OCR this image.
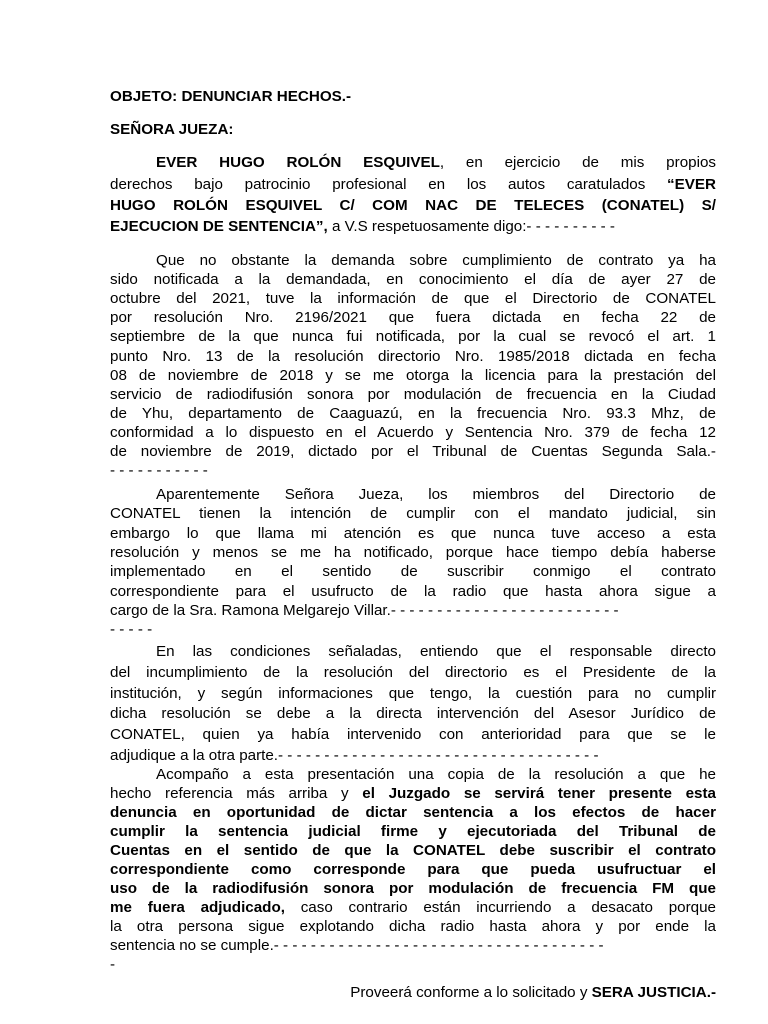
OBJETO: DENUNCIAR HECHOS.-
SEÑORA JUEZA:
EVER HUGO ROLÓN ESQUIVEL, en ejercicio de mis propios
derechos bajo patrocinio profesional en los autos caratulados “EVER
HUGO ROLÓN ESQUIVEL C/ COM NAC DE TELECES (CONATEL) S/
EJECUCION DE SENTENCIA”, a V.S respetuosamente digo:- - - - - - - - - -
Que no obstante la demanda sobre cumplimiento de contrato ya ha
sido notificada a la demandada, en conocimiento el día de ayer 27 de
octubre del 2021, tuve la información de que el Directorio de CONATEL
por resolución Nro. 2196/2021 que fuera dictada en fecha 22 de
septiembre de la que nunca fui notificada, por la cual se revocó el art. 1
punto Nro. 13 de la resolución directorio Nro. 1985/2018 dictada en fecha
08 de noviembre de 2018 y se me otorga la licencia para la prestación del
servicio de radiodifusión sonora por modulación de frecuencia en la Ciudad
de Yhu, departamento de Caaguazú, en la frecuencia Nro. 93.3 Mhz, de
conformidad a lo dispuesto en el Acuerdo y Sentencia Nro. 379 de fecha 12
de noviembre de 2019, dictado por el Tribunal de Cuentas Segunda Sala.-
- - - - - - - - - - -
Aparentemente Señora Jueza, los miembros del Directorio de
CONATEL tienen la intención de cumplir con el mandato judicial, sin
embargo lo que llama mi atención es que nunca tuve acceso a esta
resolución y menos se me ha notificado, porque hace tiempo debía haberse
implementado en el sentido de suscribir conmigo el contrato
correspondiente para el usufructo de la radio que hasta ahora sigue a
cargo de la Sra. Ramona Melgarejo Villar.- - - - - - - - - - - - - - - - - - - - - - - - -
- - - - -
En las condiciones señaladas, entiendo que el responsable directo
del incumplimiento de la resolución del directorio es el Presidente de la
institución, y según informaciones que tengo, la cuestión para no cumplir
dicha resolución se debe a la directa intervención del Asesor Jurídico de
CONATEL, quien ya había intervenido con anterioridad para que se le
adjudique a la otra parte.- - - - - - - - - - - - - - - - - - - - - - - - - - - - - - - - - - -
Acompaño a esta presentación una copia de la resolución a que he
hecho referencia más arriba y el Juzgado se servirá tener presente esta
denuncia en oportunidad de dictar sentencia a los efectos de hacer
cumplir la sentencia judicial firme y ejecutoriada del Tribunal de
Cuentas en el sentido de que la CONATEL debe suscribir el contrato
correspondiente como corresponde para que pueda usufructuar el
uso de la radiodifusión sonora por modulación de frecuencia FM que
me fuera adjudicado, caso contrario están incurriendo a desacato porque
la otra persona sigue explotando dicha radio hasta ahora y por ende la
sentencia no se cumple.- - - - - - - - - - - - - - - - - - - - - - - - - - - - - - - - - - - -
-
Proveerá conforme a lo solicitado y SERA JUSTICIA.-
